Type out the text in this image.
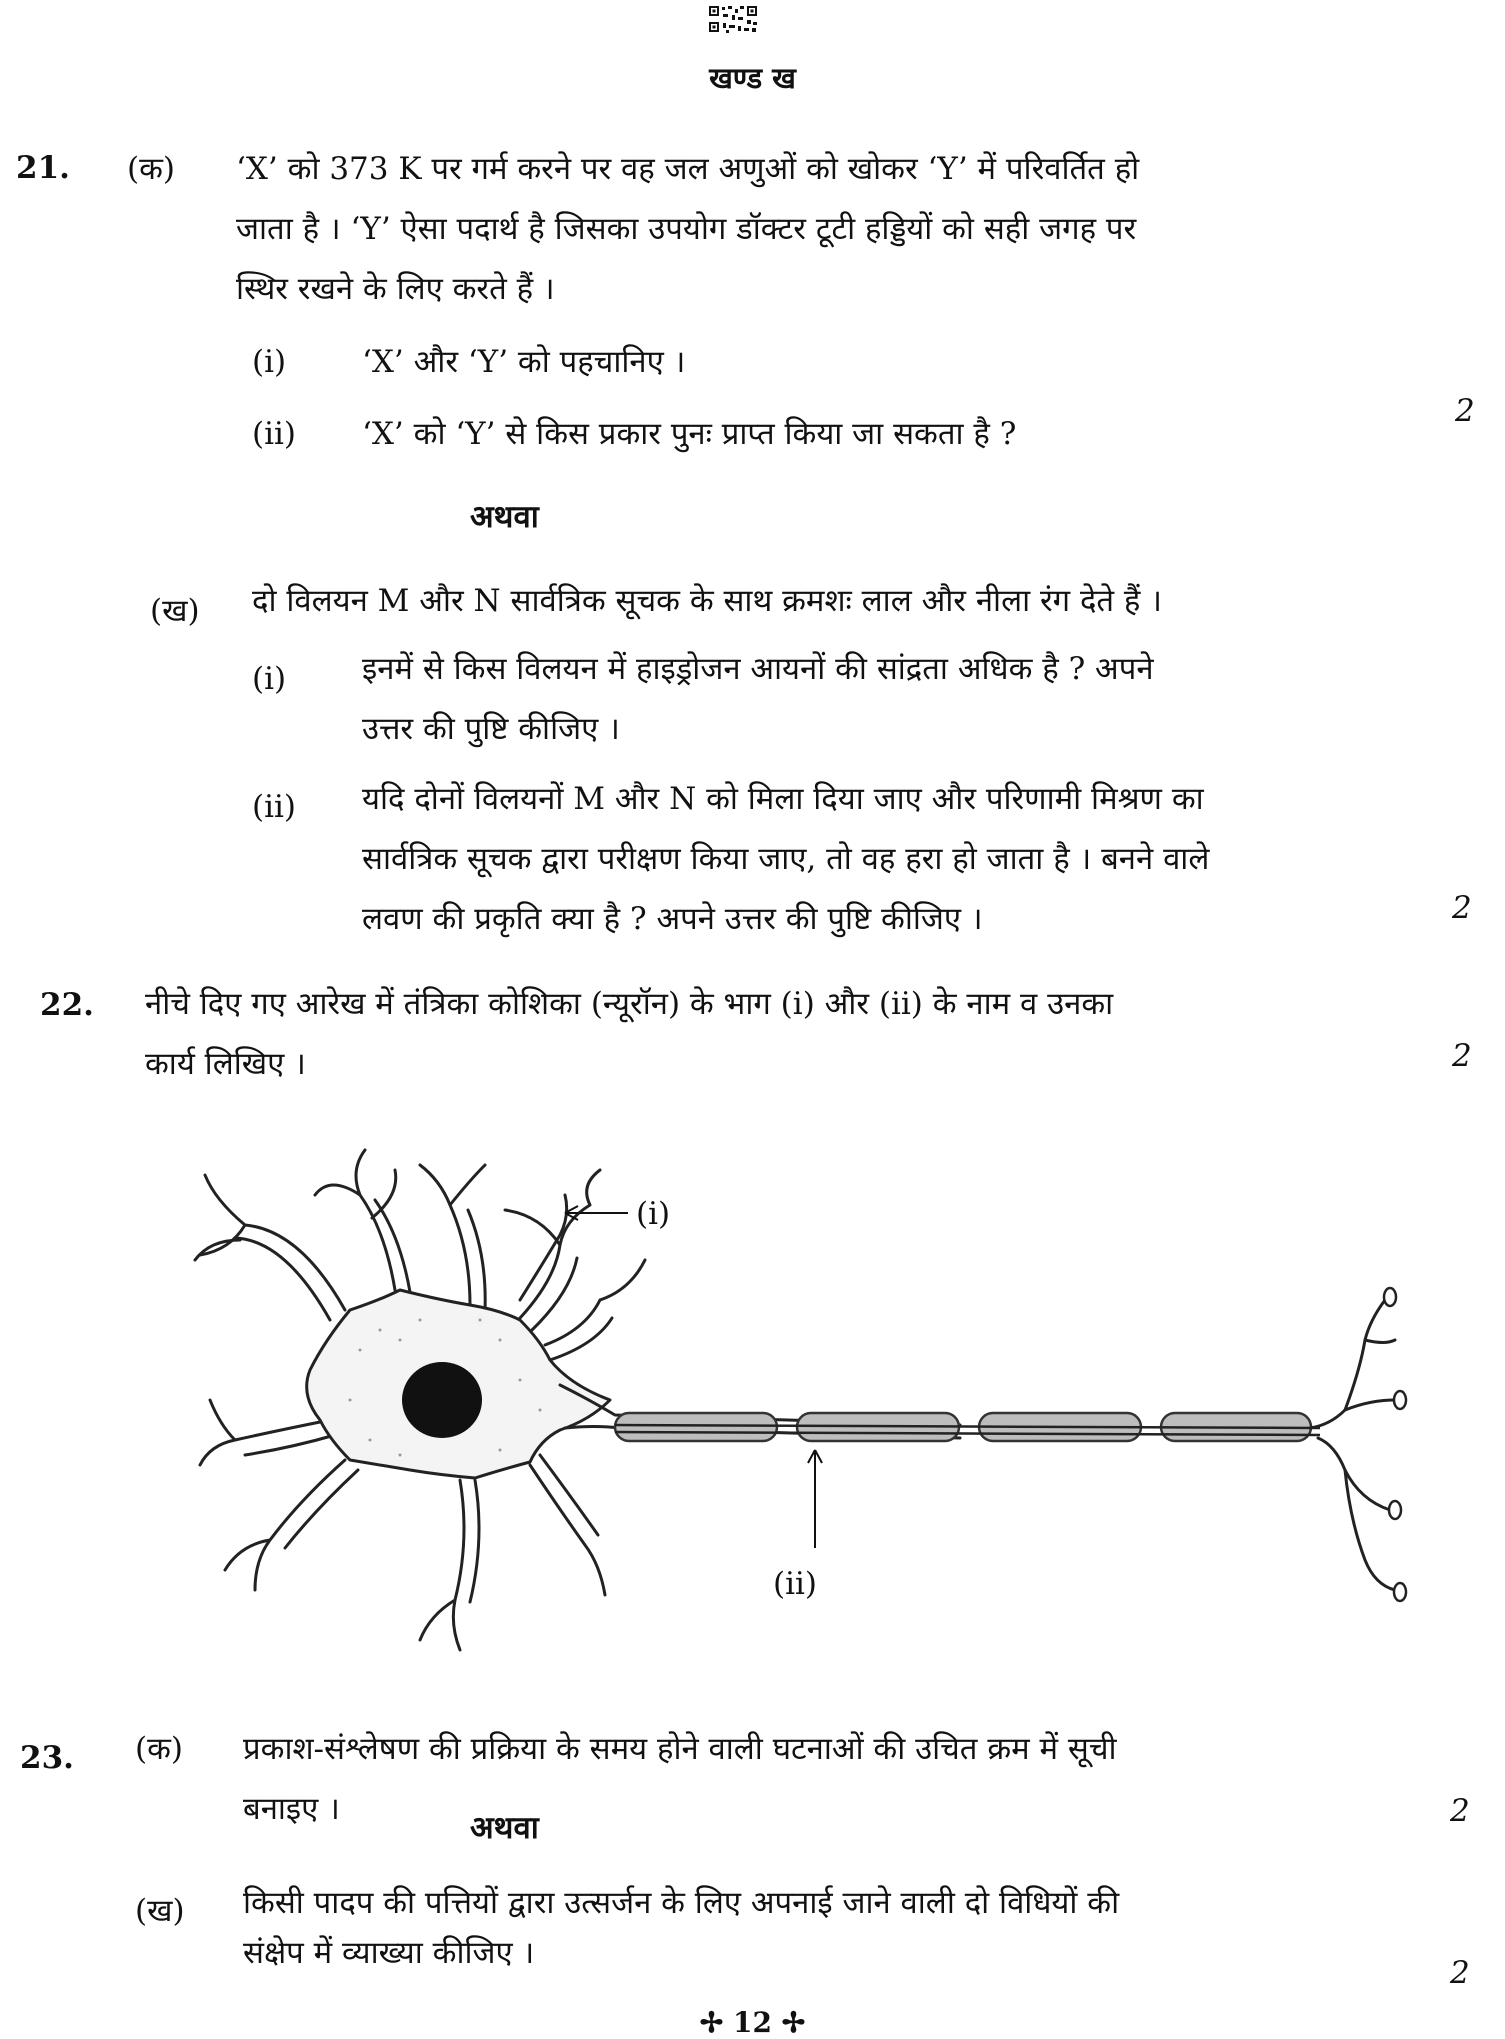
खण्ड ख
21. (क) ‘X’ को 373 K पर गर्म करने पर वह जल अणुओं को खोकर ‘Y’ में परिवर्तित हो
जाता है । ‘Y’ ऐसा पदार्थ है जिसका उपयोग डॉक्टर टूटी हड्डियों को सही जगह पर
स्थिर रखने के लिए करते हैं ।
(i) ‘X’ और ‘Y’ को पहचानिए ।
(ii) ‘X’ को ‘Y’ से किस प्रकार पुनः प्राप्त किया जा सकता है ?
2
अथवा
(ख) दो विलयन M और N सार्वत्रिक सूचक के साथ क्रमशः लाल और नीला रंग देते हैं ।
(i) इनमें से किस विलयन में हाइड्रोजन आयनों की सांद्रता अधिक है ? अपने
उत्तर की पुष्टि कीजिए ।
(ii) यदि दोनों विलयनों M और N को मिला दिया जाए और परिणामी मिश्रण का
सार्वत्रिक सूचक द्वारा परीक्षण किया जाए, तो वह हरा हो जाता है । बनने वाले
लवण की प्रकृति क्या है ? अपने उत्तर की पुष्टि कीजिए ।	2
22. नीचे दिए गए आरेख में तंत्रिका कोशिका (न्यूरॉन) के भाग (i) और (ii) के नाम व उनका
कार्य लिखिए ।	2
(i)
(ii)
23. (क) प्रकाश-संश्लेषण की प्रक्रिया के समय होने वाली घटनाओं की उचित क्रम में सूची
बनाइए ।	2
अथवा
(ख) किसी पादप की पत्तियों द्वारा उत्सर्जन के लिए अपनाई जाने वाली दो विधियों की
संक्षेप में व्याख्या कीजिए ।
2
✢ 12 ✢
